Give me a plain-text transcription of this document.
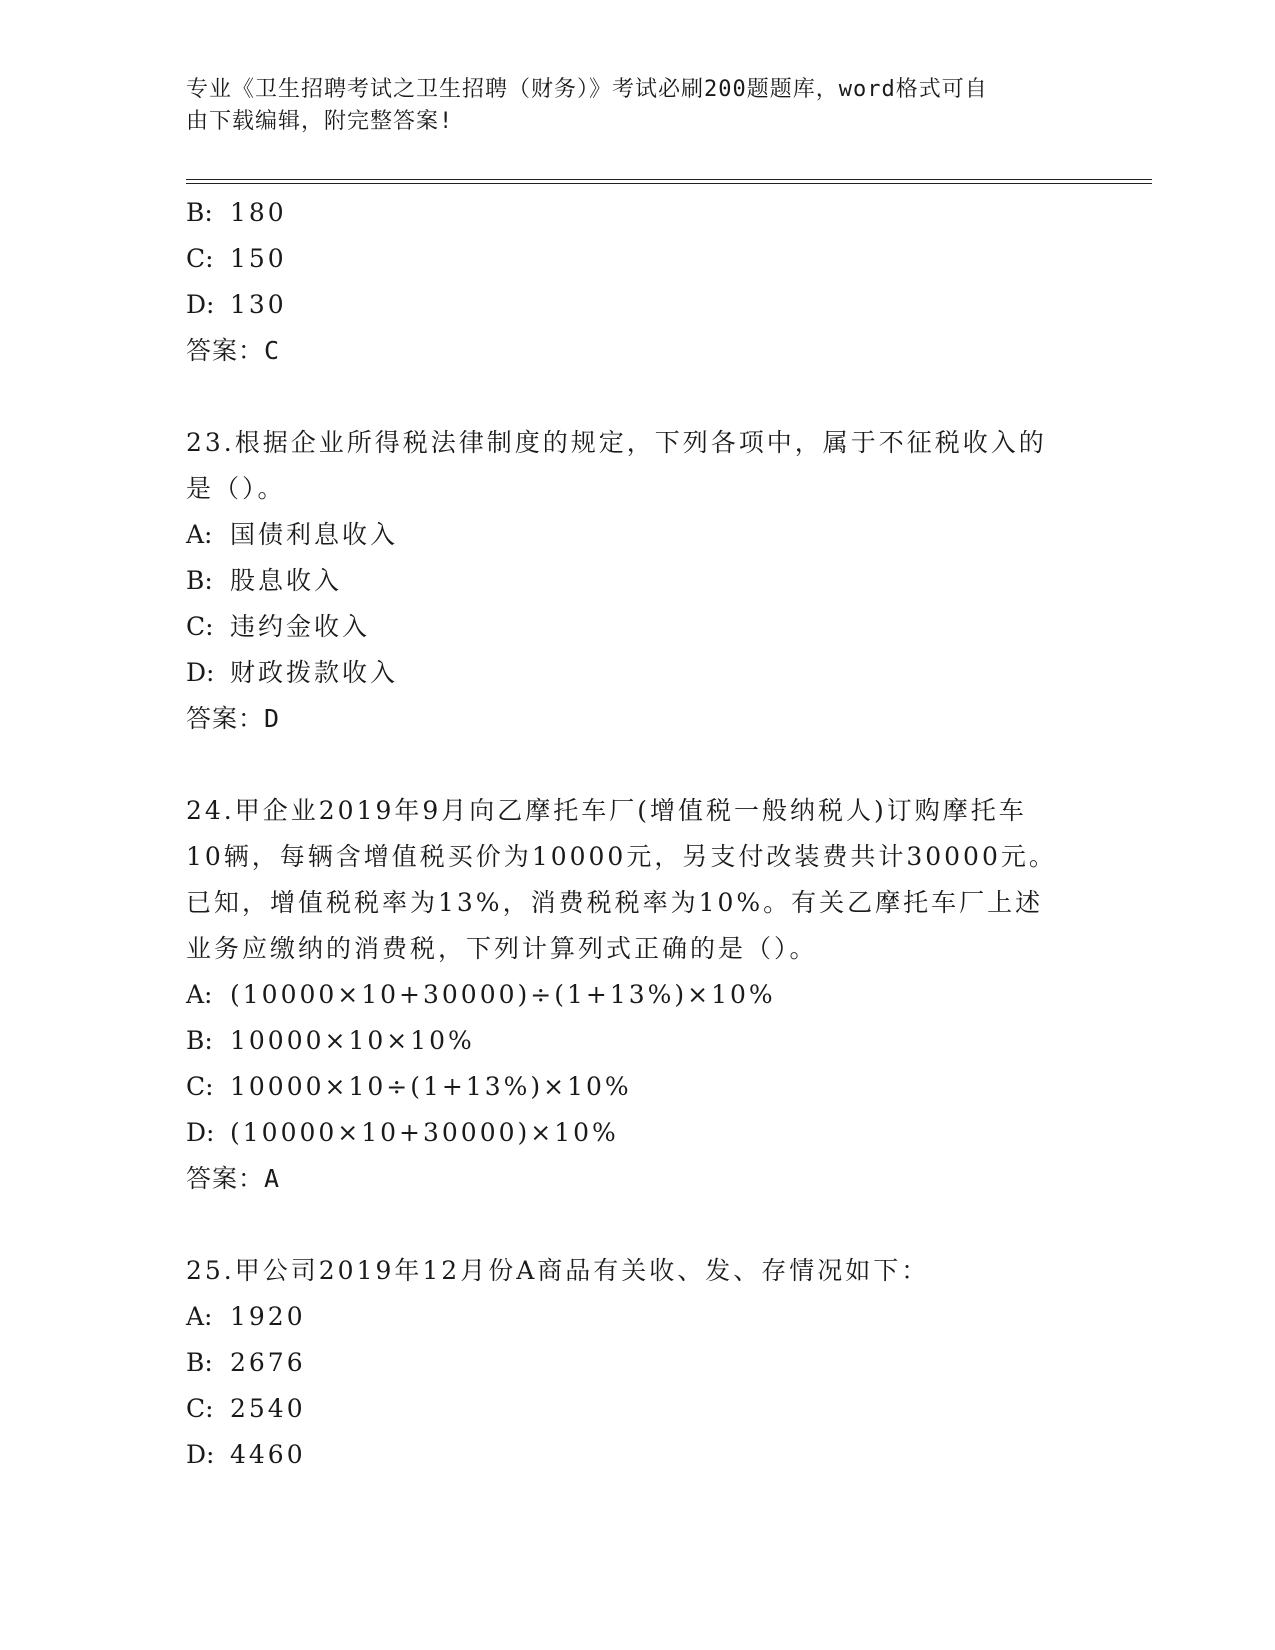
专业《卫生招聘考试之卫生招聘（财务）》考试必刷200题题库，word格式可自
由下载编辑，附完整答案!
B: 180
C: 150
D: 130
答案：C
23.根据企业所得税法律制度的规定，下列各项中，属于不征税收入的
是（）。
A: 国债利息收入
B: 股息收入
C: 违约金收入
D: 财政拨款收入
答案：D
24.甲企业2019年9月向乙摩托车厂(增值税一般纳税人)订购摩托车
10辆，每辆含增值税买价为10000元，另支付改装费共计30000元。
已知，增值税税率为13%，消费税税率为10%。有关乙摩托车厂上述
业务应缴纳的消费税，下列计算列式正确的是（）。
A: (10000×10+30000)÷(1+13%)×10%
B: 10000×10×10%
C: 10000×10÷(1+13%)×10%
D: (10000×10+30000)×10%
答案：A
25.甲公司2019年12月份A商品有关收、发、存情况如下：
A: 1920
B: 2676
C: 2540
D: 4460
